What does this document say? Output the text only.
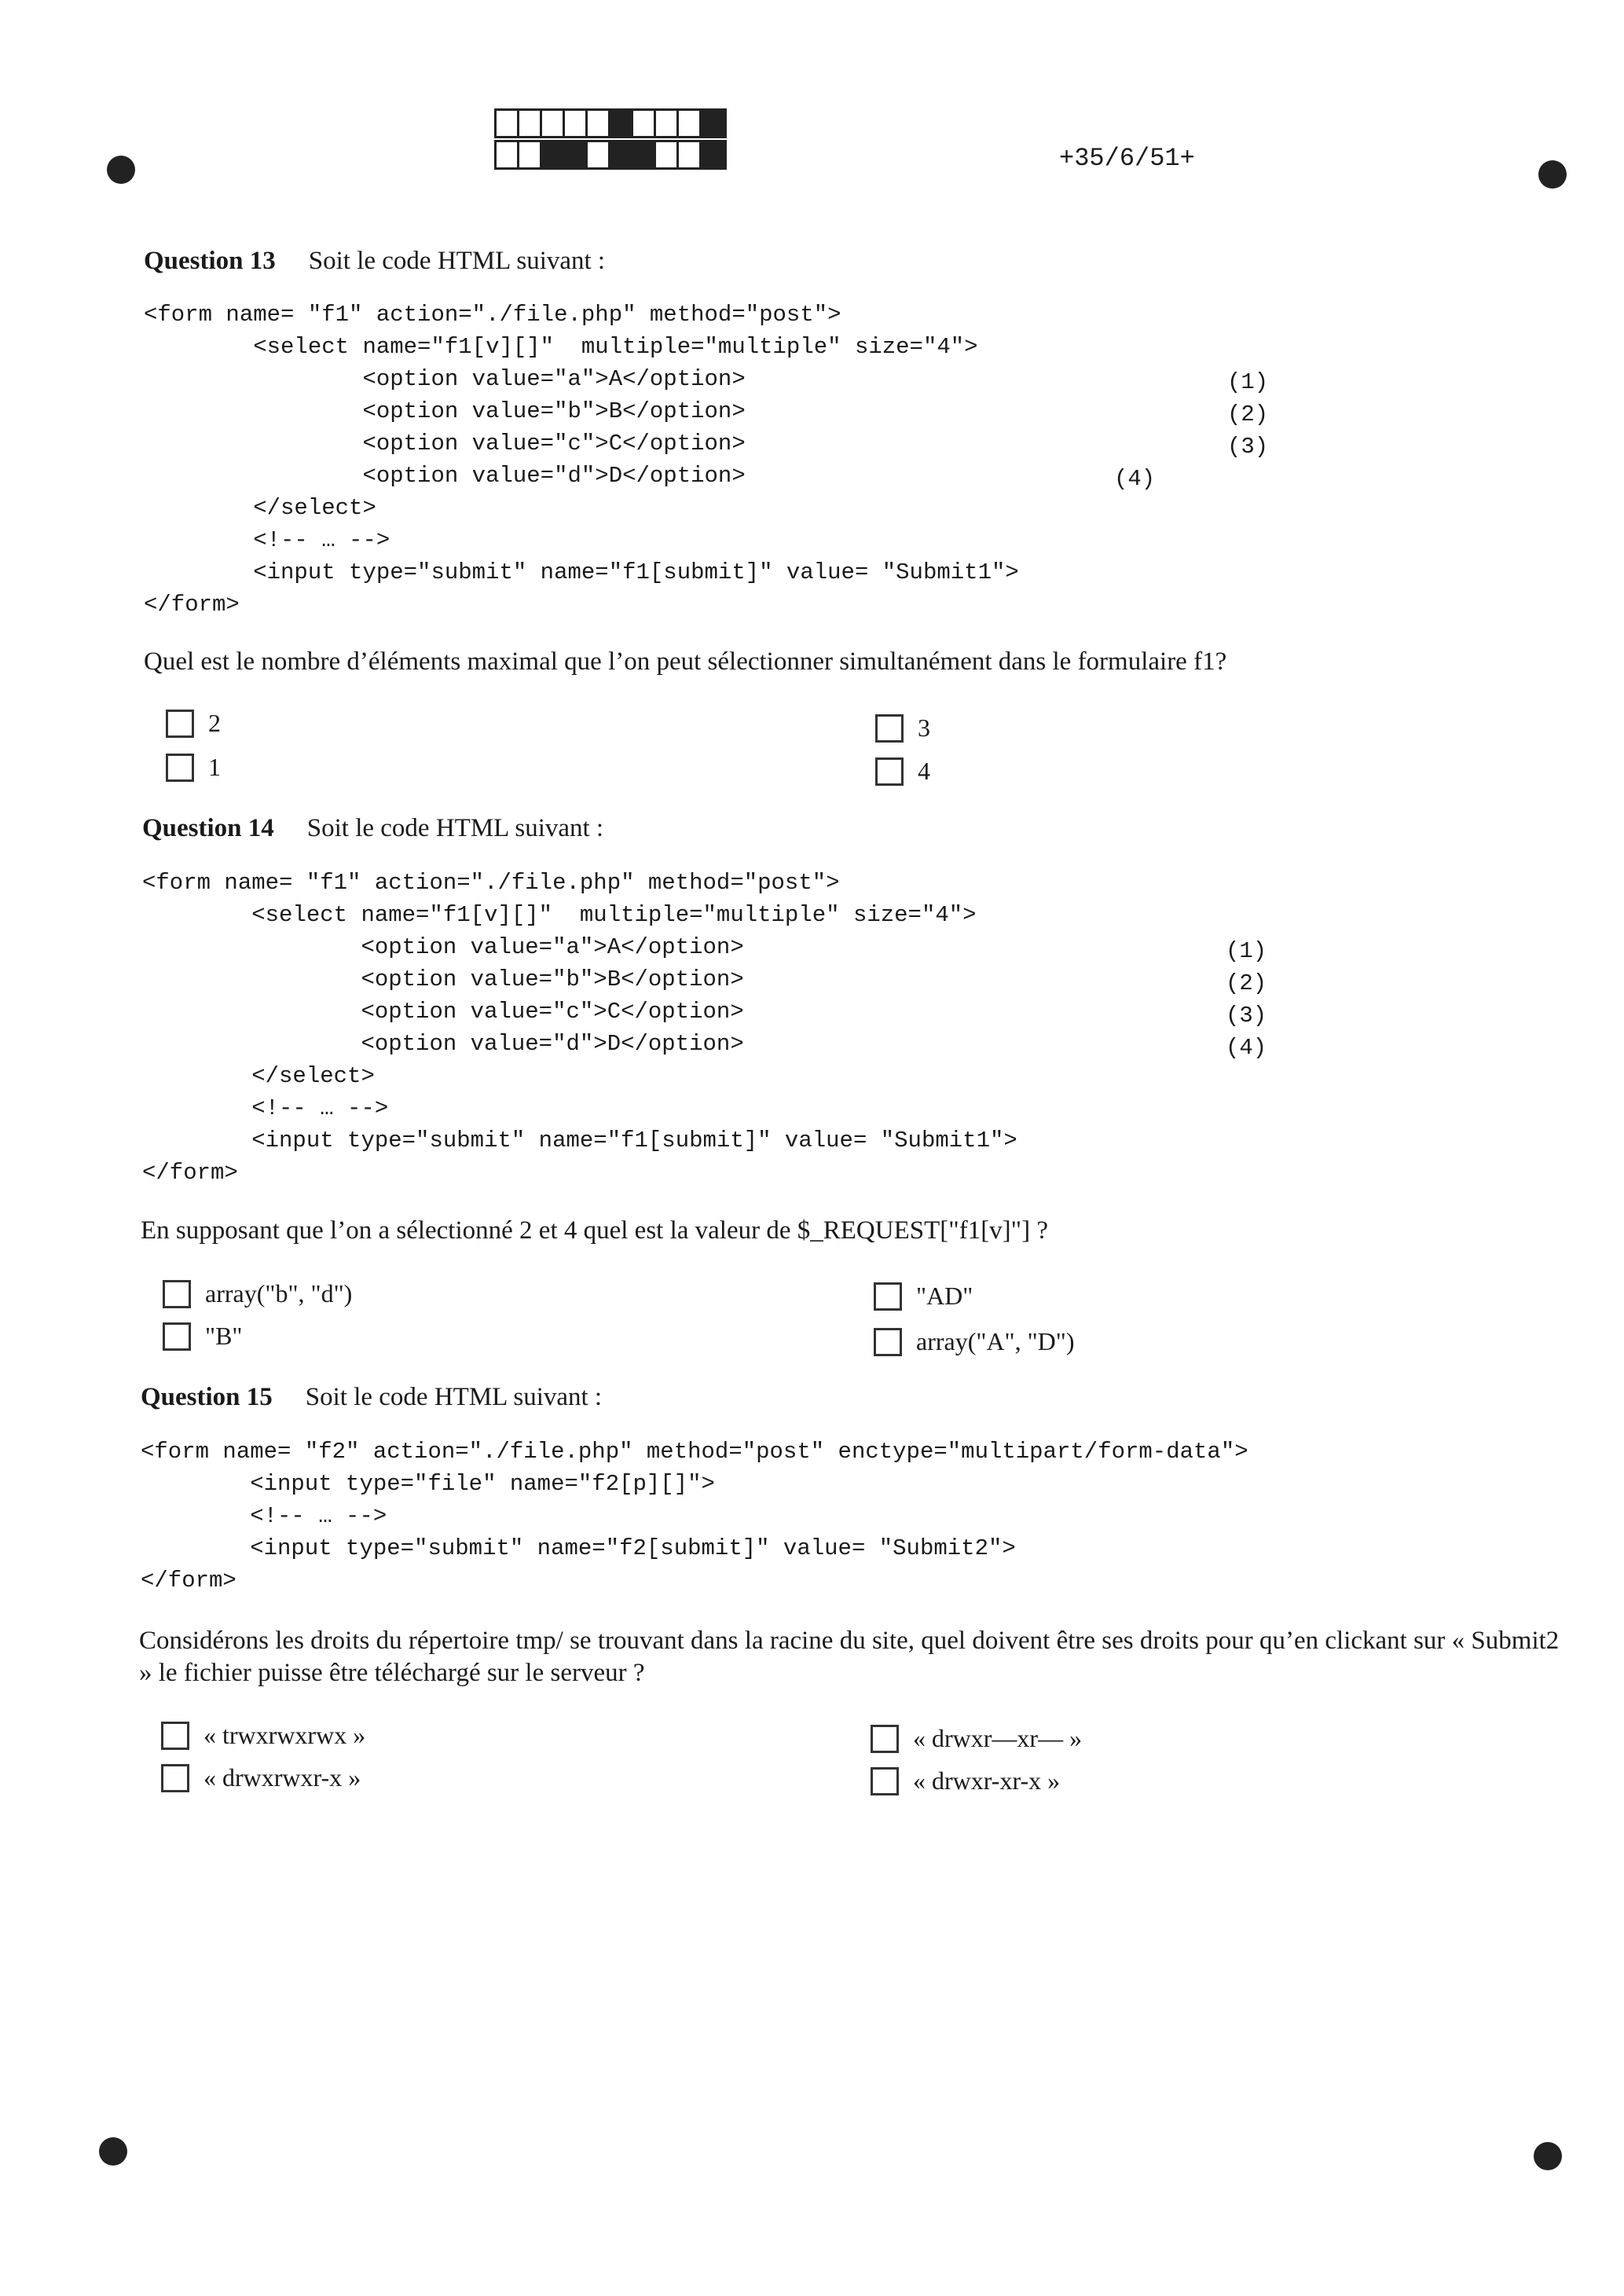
+35/6/51+
Question 13 Soit le code HTML suivant :
<form name= "f1" action="./file.php" method="post">
<select name="f1[v][]"  multiple="multiple" size="4">
<option value="a">A</option>
<option value="b">B</option>
<option value="c">C</option>
<option value="d">D</option>
</select>
<!-- … -->
<input type="submit" name="f1[submit]" value= "Submit1">
</form>
(1)
(2)
(3)
(4)
Quel est le nombre d’éléments maximal que l’on peut sélectionner simultanément dans le formulaire f1?
2	3
1	4
Question 14 Soit le code HTML suivant :
<form name= "f1" action="./file.php" method="post">
<select name="f1[v][]"  multiple="multiple" size="4">
<option value="a">A</option>
<option value="b">B</option>
<option value="c">C</option>
<option value="d">D</option>
</select>
<!-- … -->
<input type="submit" name="f1[submit]" value= "Submit1">
</form>
(1)
(2)
(3)
(4)
En supposant que l’on a sélectionné 2 et 4 quel est la valeur de $_REQUEST["f1[v]"] ?
array("b", "d")	"AD"
"B"	array("A", "D")
Question 15 Soit le code HTML suivant :
<form name= "f2" action="./file.php" method="post" enctype="multipart/form-data">
<input type="file" name="f2[p][]">
<!-- … -->
<input type="submit" name="f2[submit]" value= "Submit2">
</form>
Considérons les droits du répertoire tmp/ se trouvant dans la racine du site, quel doivent être ses droits pour qu’en clickant sur « Submit2 » le fichier puisse être téléchargé sur le serveur ?
« trwxrwxrwx »	« drwxr—xr— »
« drwxrwxr-x »	« drwxr-xr-x »
